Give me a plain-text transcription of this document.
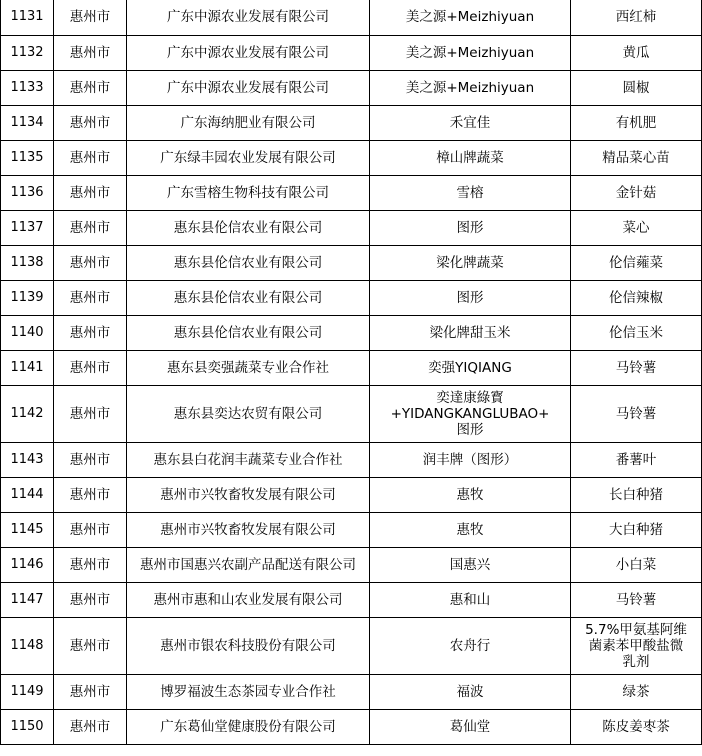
1131	惠州市	广东中源农业发展有限公司	美之源+Meizhiyuan	西红柿
1132	惠州市	广东中源农业发展有限公司	美之源+Meizhiyuan	黄瓜
1133	惠州市	广东中源农业发展有限公司	美之源+Meizhiyuan	圆椒
1134	惠州市	广东海纳肥业有限公司	禾宜佳	有机肥
1135	惠州市	广东绿丰园农业发展有限公司	樟山牌蔬菜	精品菜心苗
1136	惠州市	广东雪榕生物科技有限公司	雪榕	金针菇
1137	惠州市	惠东县伦信农业有限公司	图形	菜心
1138	惠州市	惠东县伦信农业有限公司	梁化牌蔬菜	伦信蕹菜
1139	惠州市	惠东县伦信农业有限公司	图形	伦信辣椒
1140	惠州市	惠东县伦信农业有限公司	梁化牌甜玉米	伦信玉米
1141	惠州市	惠东县奕强蔬菜专业合作社	奕强YIQIANG	马铃薯
1142	惠州市	惠东县奕达农贸有限公司	奕達康綠寳
+YIDANGKANGLUBAO+
图形	马铃薯
1143	惠州市	惠东县白花润丰蔬菜专业合作社	润丰牌（图形）	番薯叶
1144	惠州市	惠州市兴牧畜牧发展有限公司	惠牧	长白种猪
1145	惠州市	惠州市兴牧畜牧发展有限公司	惠牧	大白种猪
1146	惠州市	惠州市国惠兴农副产品配送有限公司	国惠兴	小白菜
1147	惠州市	惠州市惠和山农业发展有限公司	惠和山	马铃薯
1148	惠州市	惠州市银农科技股份有限公司	农舟行	5.7%甲氨基阿维
菌素苯甲酸盐微
乳剂

1149	惠州市	博罗福波生态茶园专业合作社	福波	绿茶
1150	惠州市	广东葛仙堂健康股份有限公司	葛仙堂	陈皮姜枣茶
